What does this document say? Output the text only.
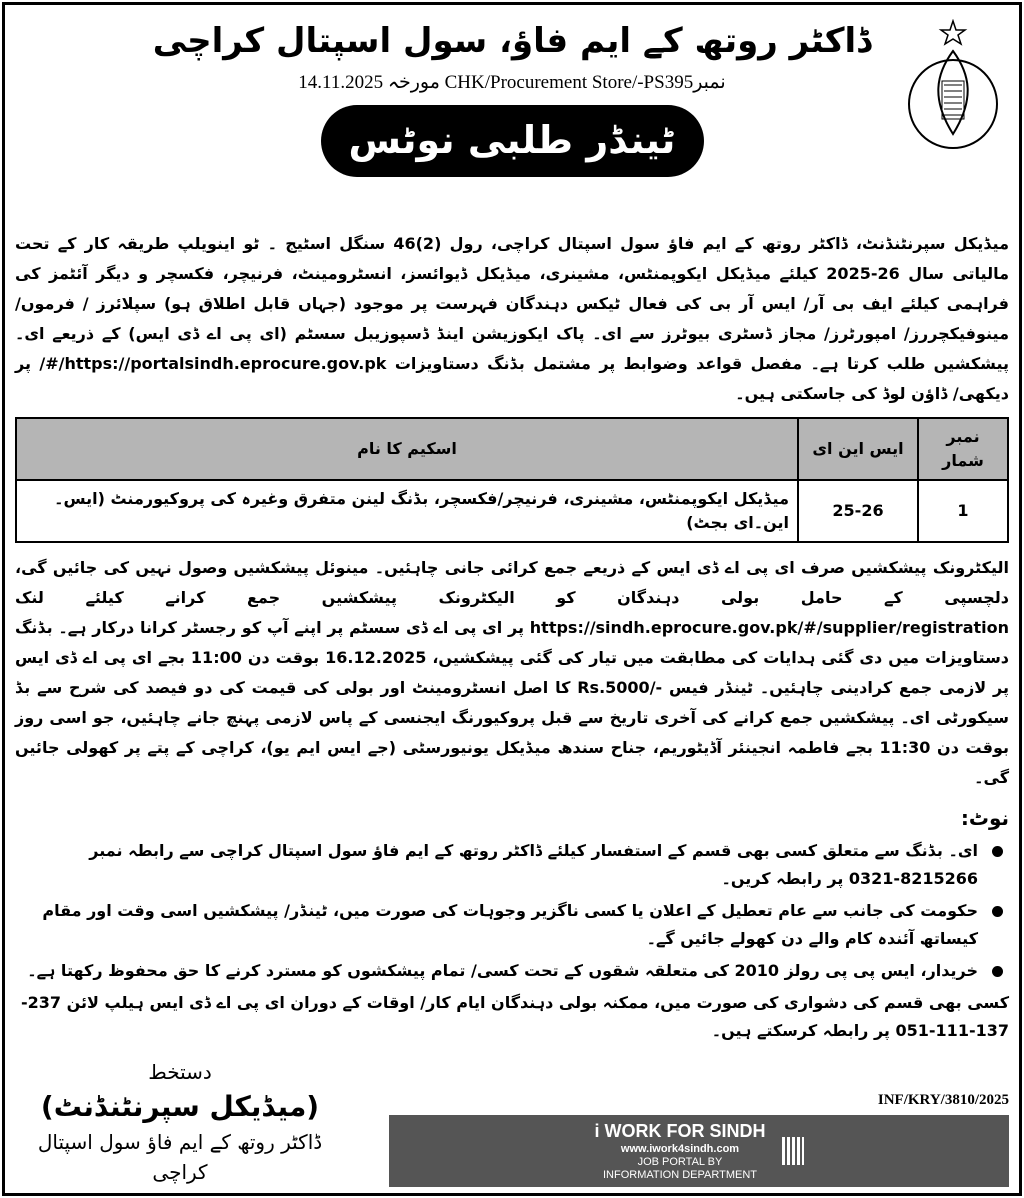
ڈاکٹر روتھ کے ایم فاؤ، سول اسپتال کراچی
نمبرCHK/Procurement Store/-PS395 مورخہ 14.11.2025
ٹینڈر طلبی نوٹس
میڈیکل سپرنٹنڈنٹ، ڈاکٹر روتھ کے ایم فاؤ سول اسپتال کراچی، رول (2)46 سنگل اسٹیج ۔ ٹو اینویلپ طریقہ کار کے تحت مالیاتی سال 26-2025 کیلئے میڈیکل ایکوپمنٹس، مشینری، میڈیکل ڈیوائسز، انسٹرومینٹ، فرنیچر، فکسچر و دیگر آئٹمز کی فراہمی کیلئے ایف بی آر/ ایس آر بی کی فعال ٹیکس دہندگان فہرست پر موجود (جہاں قابل اطلاق ہو) سپلائرز / فرموں/ مینوفیکچررز/ امپورٹرز/ مجاز ڈسٹری بیوٹرز سے ای۔ پاک ایکوزیشن اینڈ ڈسپوزیبل سسٹم (ای پی اے ڈی ایس) کے ذریعے ای۔ پیشکشیں طلب کرتا ہے۔ مفصل قواعد وضوابط پر مشتمل بڈنگ دستاویزات https://portalsindh.eprocure.gov.pk/#/ پر دیکھی/ ڈاؤن لوڈ کی جاسکتی ہیں۔
نمبر شمار	ایس این ای	اسکیم کا نام
1	25-26	میڈیکل ایکوپمنٹس، مشینری، فرنیچر/فکسچر، بڈنگ لینن متفرق وغیرہ کی پروکیورمنٹ (ایس۔این۔ای بجٹ)
الیکٹرونک پیشکشیں صرف ای پی اے ڈی ایس کے ذریعے جمع کرائی جانی چاہئیں۔ مینوئل پیشکشیں وصول نہیں کی جائیں گی، دلچسپی کے حامل بولی دہندگان کو الیکٹرونک پیشکشیں جمع کرانے کیلئے لنک https://sindh.eprocure.gov.pk/#/supplier/registration پر ای پی اے ڈی سسٹم پر اپنے آپ کو رجسٹر کرانا درکار ہے۔ بڈنگ دستاویزات میں دی گئی ہدایات کی مطابقت میں تیار کی گئی پیشکشیں، 16.12.2025 بوقت دن 11:00 بجے ای پی اے ڈی ایس پر لازمی جمع کرادینی چاہئیں۔ ٹینڈر فیس -/Rs.5000 کا اصل انسٹرومینٹ اور بولی کی قیمت کی دو فیصد کی شرح سے بڈ سیکورٹی ای۔ پیشکشیں جمع کرانے کی آخری تاریخ سے قبل پروکیورنگ ایجنسی کے پاس لازمی پہنچ جانے چاہئیں، جو اسی روز بوقت دن 11:30 بجے فاطمہ انجینئر آڈیٹوریم، جناح سندھ میڈیکل یونیورسٹی (جے ایس ایم یو)، کراچی کے پتے پر کھولی جائیں گی۔
نوٹ:
ای۔ بڈنگ سے متعلق کسی بھی قسم کے استفسار کیلئے ڈاکٹر روتھ کے ایم فاؤ سول اسپتال کراچی سے رابطہ نمبر 8215266-0321 پر رابطہ کریں۔
حکومت کی جانب سے عام تعطیل کے اعلان یا کسی ناگزیر وجوہات کی صورت میں، ٹینڈر/ پیشکشیں اسی وقت اور مقام کیساتھ آئندہ کام والے دن کھولے جائیں گے۔
خریدار، ایس پی پی رولز 2010 کی متعلقہ شقوں کے تحت کسی/ تمام پیشکشوں کو مسترد کرنے کا حق محفوظ رکھتا ہے۔
کسی بھی قسم کی دشواری کی صورت میں، ممکنہ بولی دہندگان ایام کار/ اوقات کے دوران ای پی اے ڈی ایس ہیلپ لائن 237-137-111-051 پر رابطہ کرسکتے ہیں۔
دستخط
(میڈیکل سپرنٹنڈنٹ)
ڈاکٹر روتھ کے ایم فاؤ سول اسپتال کراچی
INF/KRY/3810/2025
i WORK FOR SINDH
www.iwork4sindh.com
JOB PORTAL BY
INFORMATION DEPARTMENT
